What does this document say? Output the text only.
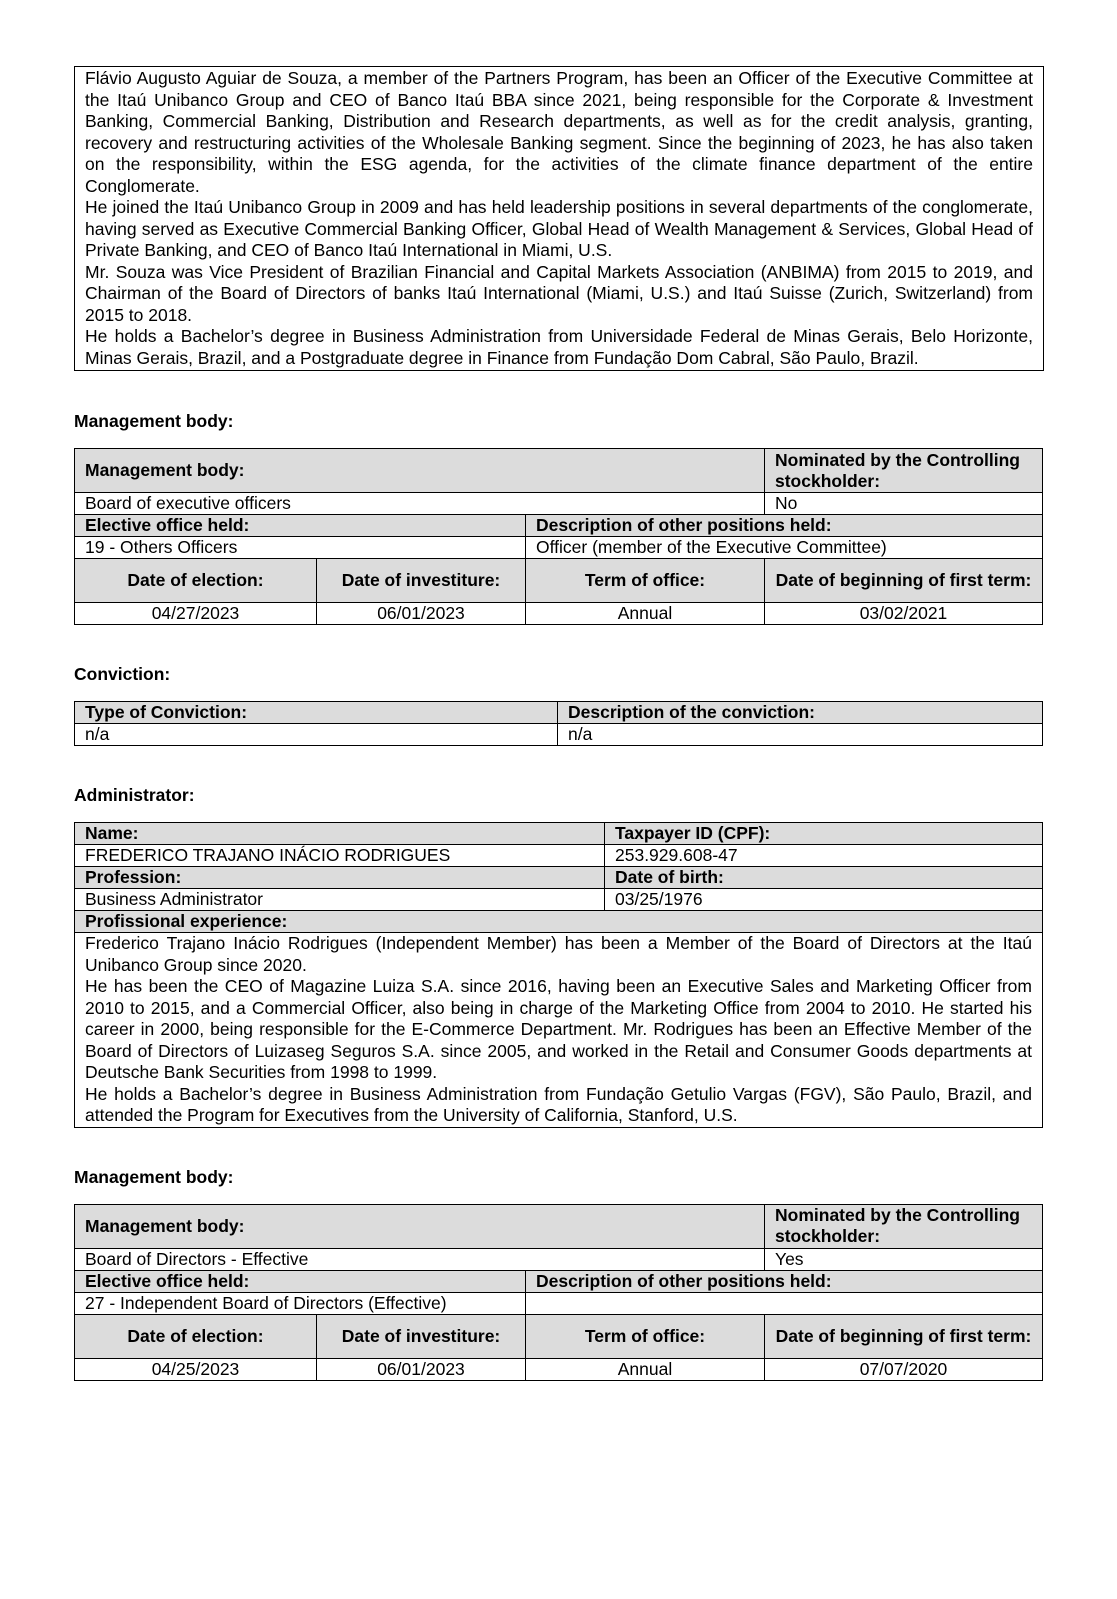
Flávio Augusto Aguiar de Souza, a member of the Partners Program, has been an Officer of the Executive Committee at the Itaú Unibanco Group and CEO of Banco Itaú BBA since 2021, being responsible for the Corporate & Investment Banking, Commercial Banking, Distribution and Research departments, as well as for the credit analysis, granting, recovery and restructuring activities of the Wholesale Banking segment. Since the beginning of 2023, he has also taken on the responsibility, within the ESG agenda, for the activities of the climate finance department of the entire Conglomerate.

He joined the Itaú Unibanco Group in 2009 and has held leadership positions in several departments of the conglomerate, having served as Executive Commercial Banking Officer, Global Head of Wealth Management & Services, Global Head of Private Banking, and CEO of Banco Itaú International in Miami, U.S.

Mr. Souza was Vice President of Brazilian Financial and Capital Markets Association (ANBIMA) from 2015 to 2019, and Chairman of the Board of Directors of banks Itaú International (Miami, U.S.) and Itaú Suisse (Zurich, Switzerland) from 2015 to 2018.

He holds a Bachelor’s degree in Business Administration from Universidade Federal de Minas Gerais, Belo Horizonte, Minas Gerais, Brazil, and a Postgraduate degree in Finance from Fundação Dom Cabral, São Paulo, Brazil.

Management body:

Management body:			Nominated by the Controlling stockholder:
Board of executive officers			No
Elective office held:		Description of other positions held:	
19 - Others Officers		Officer (member of the Executive Committee)	
Date of election:	Date of investiture:	Term of office:	Date of beginning of first term:
04/27/2023	06/01/2023	Annual	03/02/2021

Conviction:

Type of Conviction:	Description of the conviction:
n/a	n/a

Administrator:

Name:	Taxpayer ID (CPF):
FREDERICO TRAJANO INÁCIO RODRIGUES	253.929.608-47
Profession:	Date of birth:
Business Administrator	03/25/1976
Profissional experience:	

Frederico Trajano Inácio Rodrigues (Independent Member) has been a Member of the Board of Directors at the Itaú Unibanco Group since 2020.

He has been the CEO of Magazine Luiza S.A. since 2016, having been an Executive Sales and Marketing Officer from 2010 to 2015, and a Commercial Officer, also being in charge of the Marketing Office from 2004 to 2010. He started his career in 2000, being responsible for the E-Commerce Department. Mr. Rodrigues has been an Effective Member of the Board of Directors of Luizaseg Seguros S.A. since 2005, and worked in the Retail and Consumer Goods departments at Deutsche Bank Securities from 1998 to 1999.

He holds a Bachelor’s degree in Business Administration from Fundação Getulio Vargas (FGV), São Paulo, Brazil, and attended the Program for Executives from the University of California, Stanford, U.S.	

Management body:

Management body:			Nominated by the Controlling stockholder:
Board of Directors - Effective			Yes
Elective office held:		Description of other positions held:	
27 - Independent Board of Directors (Effective)			
Date of election:	Date of investiture:	Term of office:	Date of beginning of first term:
04/25/2023	06/01/2023	Annual	07/07/2020
